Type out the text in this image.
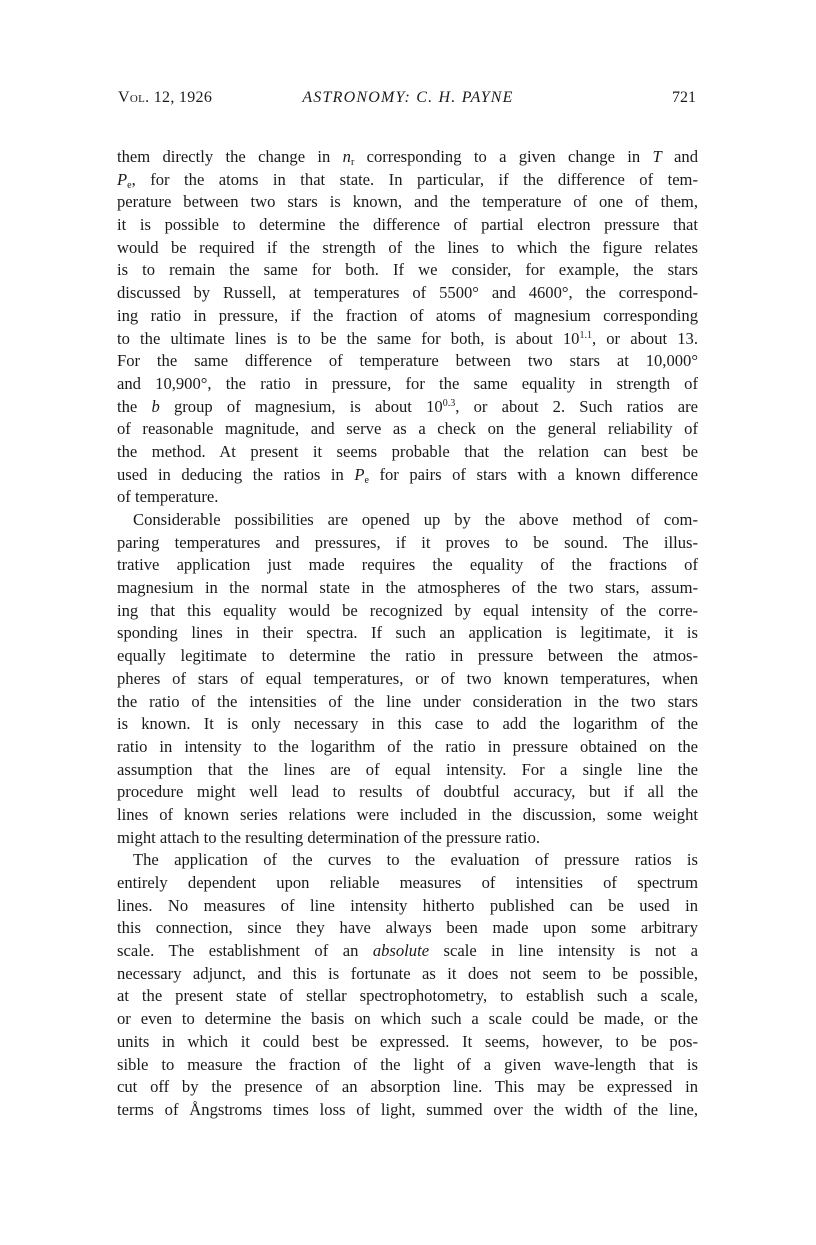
Vol. 12, 1926	ASTRONOMY: C. H. PAYNE	721
them directly the change in $n_r$ corresponding to a given change in T and
$P_e$, for the atoms in that state. In particular, if the difference of tem-
perature between two stars is known, and the temperature of one of them,
it is possible to determine the difference of partial electron pressure that
would be required if the strength of the lines to which the figure relates
is to remain the same for both. If we consider, for example, the stars
discussed by Russell, at temperatures of 5500° and 4600°, the correspond-
ing ratio in pressure, if the fraction of atoms of magnesium corresponding
to the ultimate lines is to be the same for both, is about $10^{1.1}$, or about 13.
For the same difference of temperature between two stars at 10,000°
and 10,900°, the ratio in pressure, for the same equality in strength of
the b group of magnesium, is about $10^{0.3}$, or about 2. Such ratios are
of reasonable magnitude, and serve as a check on the general reliability of
the method. At present it seems probable that the relation can best be
used in deducing the ratios in $P_e$ for pairs of stars with a known difference
of temperature.
Considerable possibilities are opened up by the above method of com-
paring temperatures and pressures, if it proves to be sound. The illus-
trative application just made requires the equality of the fractions of
magnesium in the normal state in the atmospheres of the two stars, assum-
ing that this equality would be recognized by equal intensity of the corre-
sponding lines in their spectra. If such an application is legitimate, it is
equally legitimate to determine the ratio in pressure between the atmos-
pheres of stars of equal temperatures, or of two known temperatures, when
the ratio of the intensities of the line under consideration in the two stars
is known. It is only necessary in this case to add the logarithm of the
ratio in intensity to the logarithm of the ratio in pressure obtained on the
assumption that the lines are of equal intensity. For a single line the
procedure might well lead to results of doubtful accuracy, but if all the
lines of known series relations were included in the discussion, some weight
might attach to the resulting determination of the pressure ratio.
The application of the curves to the evaluation of pressure ratios is
entirely dependent upon reliable measures of intensities of spectrum
lines. No measures of line intensity hitherto published can be used in
this connection, since they have always been made upon some arbitrary
scale. The establishment of an absolute scale in line intensity is not a
necessary adjunct, and this is fortunate as it does not seem to be possible,
at the present state of stellar spectrophotometry, to establish such a scale,
or even to determine the basis on which such a scale could be made, or the
units in which it could best be expressed. It seems, however, to be pos-
sible to measure the fraction of the light of a given wave-length that is
cut off by the presence of an absorption line. This may be expressed in
terms of Ångstroms times loss of light, summed over the width of the line,
